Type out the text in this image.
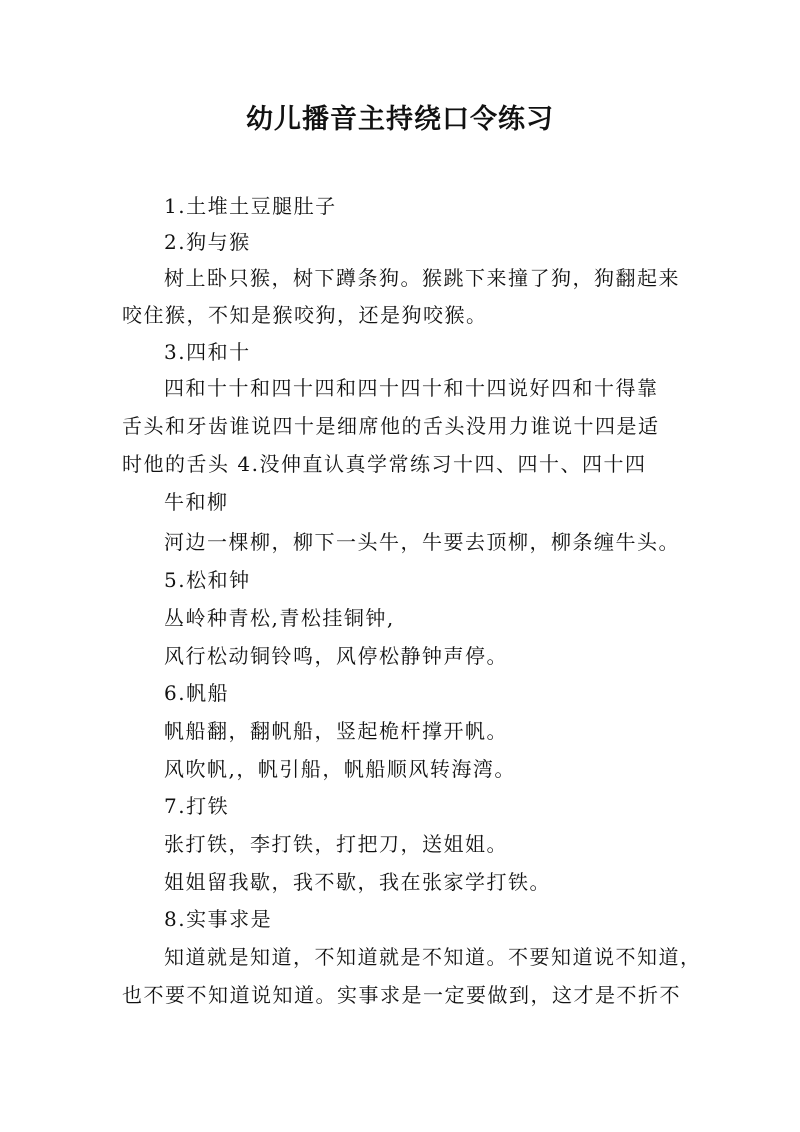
幼儿播音主持绕口令练习
1.土堆土豆腿肚子
2.狗与猴
树上卧只猴，树下蹲条狗。猴跳下来撞了狗，狗翻起来
咬住猴，不知是猴咬狗，还是狗咬猴。
3.四和十
四和十十和四十四和四十四十和十四说好四和十得靠
舌头和牙齿谁说四十是细席他的舌头没用力谁说十四是适
时他的舌头 4.没伸直认真学常练习十四、四十、四十四
牛和柳
河边一棵柳，柳下一头牛，牛要去顶柳，柳条缠牛头。
5.松和钟
丛岭种青松,青松挂铜钟,
风行松动铜铃鸣，风停松静钟声停。
6.帆船
帆船翻，翻帆船，竖起桅杆撑开帆。
风吹帆,，帆引船，帆船顺风转海湾。
7.打铁
张打铁，李打铁，打把刀，送姐姐。
姐姐留我歇，我不歇，我在张家学打铁。
8.实事求是
知道就是知道，不知道就是不知道。不要知道说不知道，
也不要不知道说知道。实事求是一定要做到，这才是不折不
